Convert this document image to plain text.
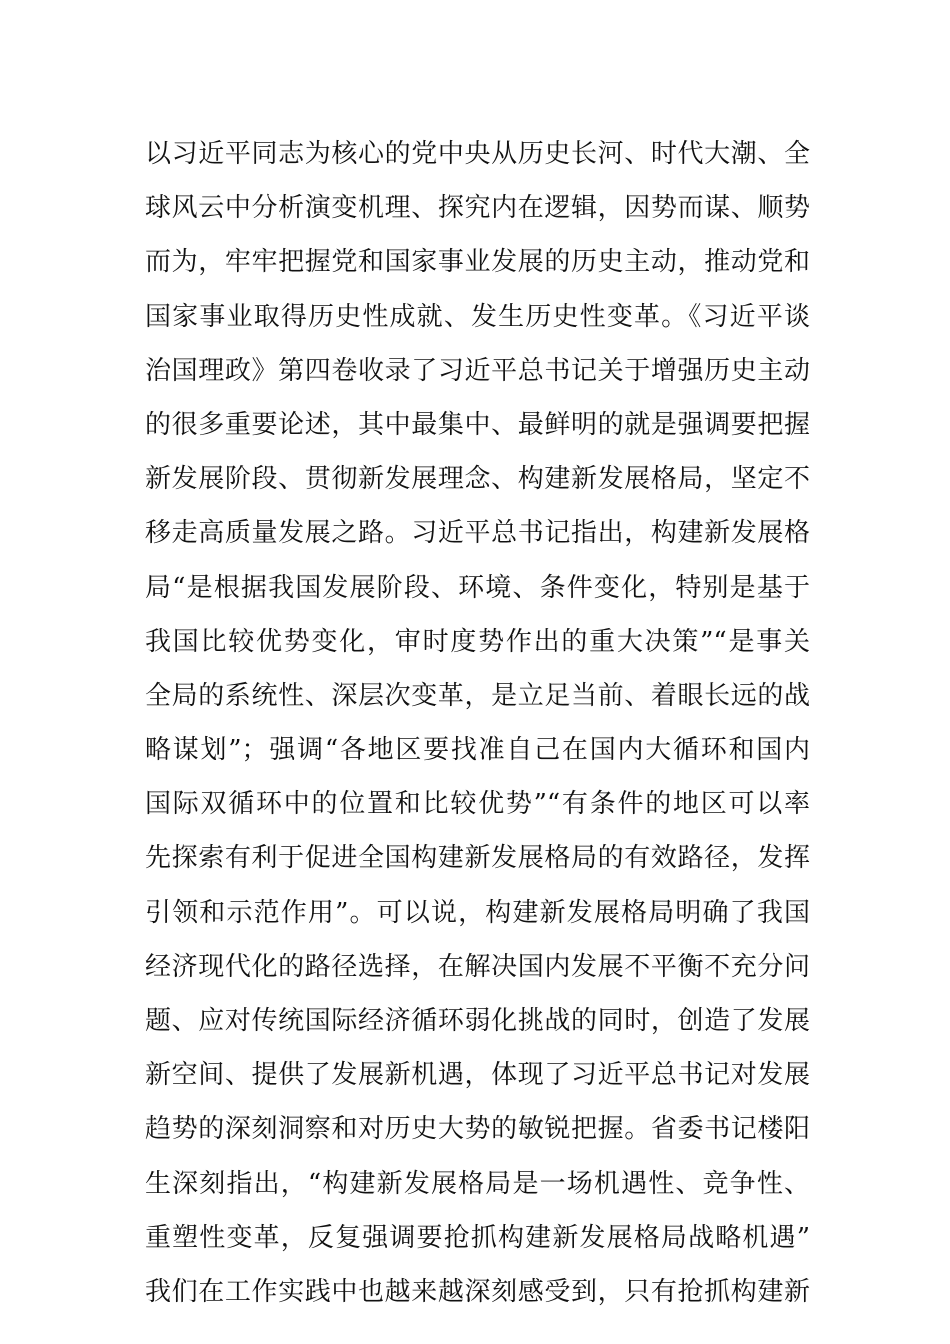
以习近平同志为核心的党中央从历史长河、时代大潮、全
球风云中分析演变机理、探究内在逻辑，因势而谋、顺势
而为，牢牢把握党和国家事业发展的历史主动，推动党和
国家事业取得历史性成就、发生历史性变革。《习近平谈
治国理政》第四卷收录了习近平总书记关于增强历史主动
的很多重要论述，其中最集中、最鲜明的就是强调要把握
新发展阶段、贯彻新发展理念、构建新发展格局，坚定不
移走高质量发展之路。习近平总书记指出，构建新发展格
局“是根据我国发展阶段、环境、条件变化，特别是基于
我国比较优势变化，审时度势作出的重大决策”“是事关
全局的系统性、深层次变革，是立足当前、着眼长远的战
略谋划”；强调“各地区要找准自己在国内大循环和国内
国际双循环中的位置和比较优势”“有条件的地区可以率
先探索有利于促进全国构建新发展格局的有效路径，发挥
引领和示范作用”。可以说，构建新发展格局明确了我国
经济现代化的路径选择，在解决国内发展不平衡不充分问
题、应对传统国际经济循环弱化挑战的同时，创造了发展
新空间、提供了发展新机遇，体现了习近平总书记对发展
趋势的深刻洞察和对历史大势的敏锐把握。省委书记楼阳
生深刻指出，“构建新发展格局是一场机遇性、竞争性、
重塑性变革，反复强调要抢抓构建新发展格局战略机遇”
我们在工作实践中也越来越深刻感受到，只有抢抓构建新
